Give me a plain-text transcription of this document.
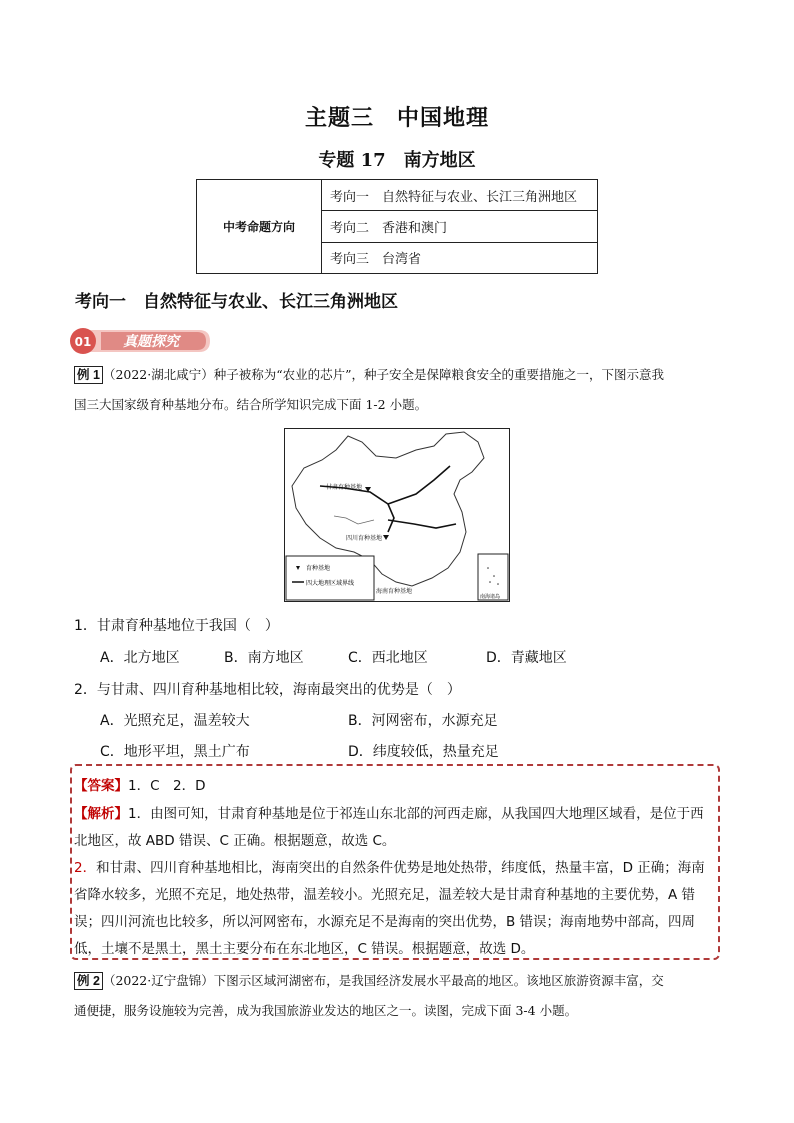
主题三　中国地理
专题 17　南方地区
中考命题方向	考向一　自然特征与农业、长江三角洲地区
考向二　香港和澳门
考向三　台湾省
考向一　自然特征与农业、长江三角洲地区
01 真题探究
例 1 （2022·湖北咸宁）种子被称为“农业的芯片”，种子安全是保障粮食安全的重要措施之一，下图示意我
国三大国家级育种基地分布。结合所学知识完成下面 1-2 小题。
甘肃育种基地
四川育种基地
海南育种基地
育种基地
四大地理区域界线
南海诸岛
1．甘肃育种基地位于我国（　）
A．北方地区	B．南方地区	C．西北地区	D．青藏地区
2．与甘肃、四川育种基地相比较，海南最突出的优势是（　）
A．光照充足，温差较大	B．河网密布，水源充足
C．地形平坦，黑土广布	D．纬度较低，热量充足
【答案】1．C　2．D
【解析】1．由图可知，甘肃育种基地是位于祁连山东北部的河西走廊，从我国四大地理区域看，是位于西
北地区，故 ABD 错误、C 正确。根据题意，故选 C。
2．和甘肃、四川育种基地相比，海南突出的自然条件优势是地处热带，纬度低，热量丰富，D 正确；海南
省降水较多，光照不充足，地处热带，温差较小。光照充足，温差较大是甘肃育种基地的主要优势，A 错
误；四川河流也比较多，所以河网密布，水源充足不是海南的突出优势，B 错误；海南地势中部高，四周
低，土壤不是黑土，黑土主要分布在东北地区，C 错误。根据题意，故选 D。
例 2 （2022·辽宁盘锦）下图示区域河湖密布，是我国经济发展水平最高的地区。该地区旅游资源丰富，交
通便捷，服务设施较为完善，成为我国旅游业发达的地区之一。读图，完成下面 3-4 小题。
